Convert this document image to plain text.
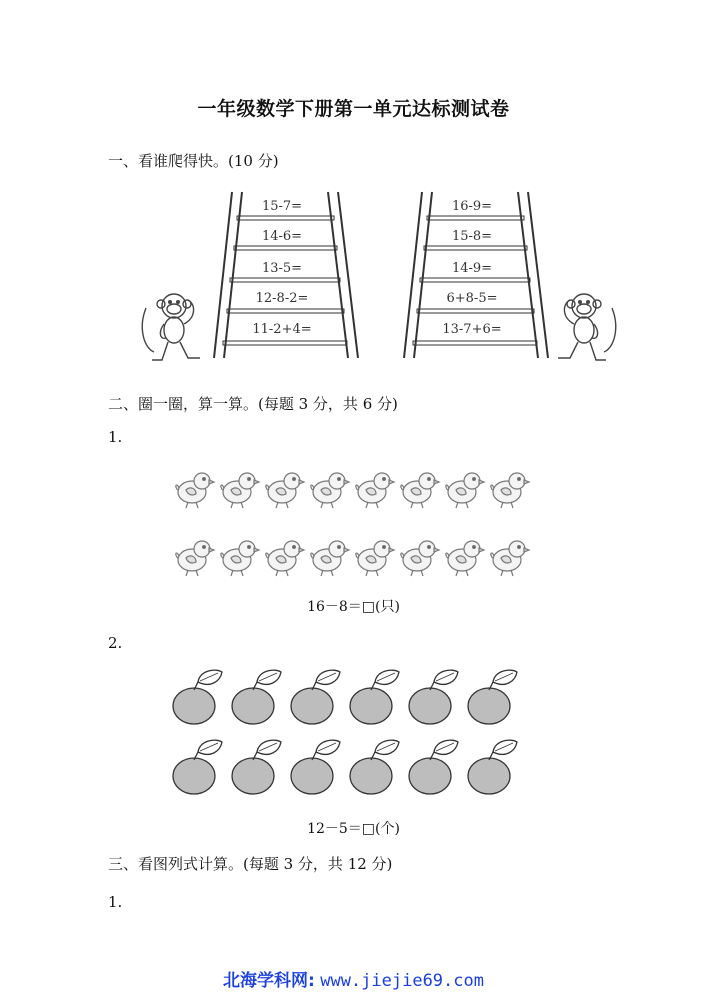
一年级数学下册第一单元达标测试卷
一、看谁爬得快。(10 分)
15-7=
14-6=
13-5=
12-8-2=
11-2+4=
16-9=
15-8=
14-9=
6+8-5=
13-7+6=
二、圈一圈，算一算。(每题 3 分，共 6 分)
1.
16－8＝□(只)
2.
12－5＝□(个)
三、看图列式计算。(每题 3 分，共 12 分)
1.
北海学科网: www.jiejie69.com
